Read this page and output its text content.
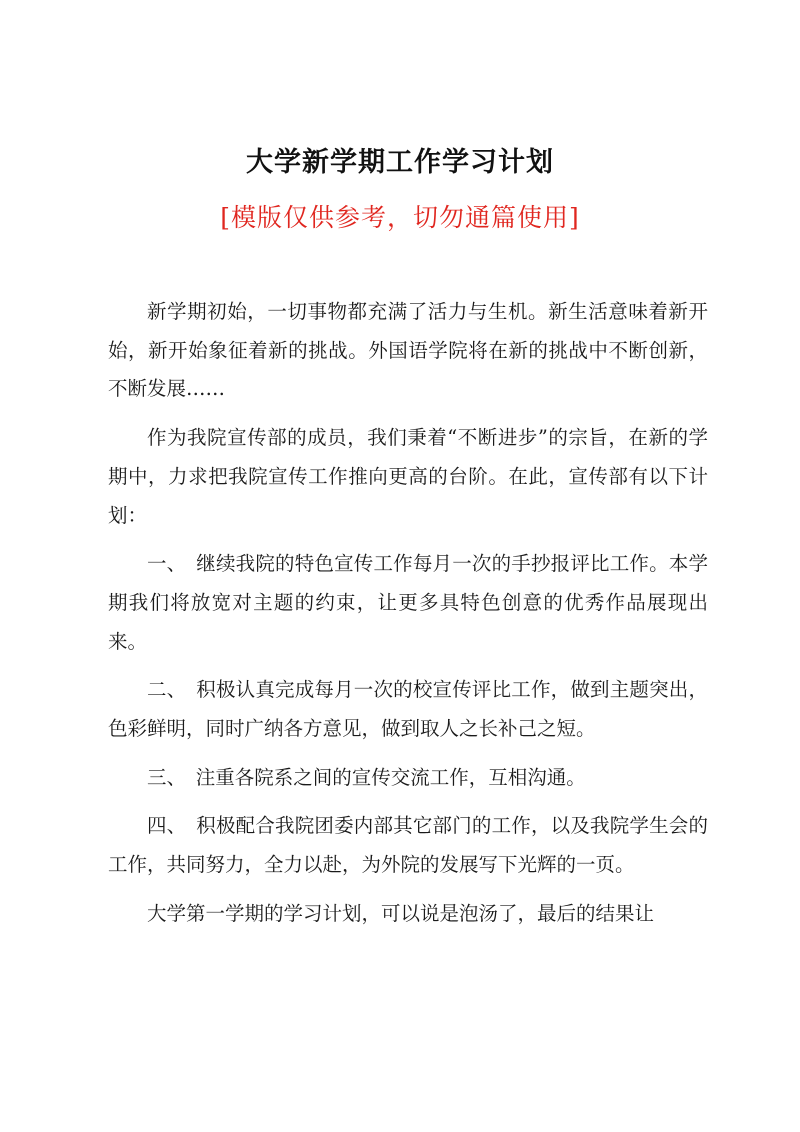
大学新学期工作学习计划
[模版仅供参考，切勿通篇使用]

新学期初始，一切事物都充满了活力与生机。新生活意味着新开始，新开始象征着新的挑战。外国语学院将在新的挑战中不断创新，不断发展……

作为我院宣传部的成员，我们秉着“不断进步”的宗旨，在新的学期中，力求把我院宣传工作推向更高的台阶。在此，宣传部有以下计划：

一、　继续我院的特色宣传工作每月一次的手抄报评比工作。本学期我们将放宽对主题的约束，让更多具特色创意的优秀作品展现出来。

二、　积极认真完成每月一次的校宣传评比工作，做到主题突出，色彩鲜明，同时广纳各方意见，做到取人之长补己之短。

三、　注重各院系之间的宣传交流工作，互相沟通。

四、　积极配合我院团委内部其它部门的工作，以及我院学生会的工作，共同努力，全力以赴，为外院的发展写下光辉的一页。

大学第一学期的学习计划，可以说是泡汤了，最后的结果让
